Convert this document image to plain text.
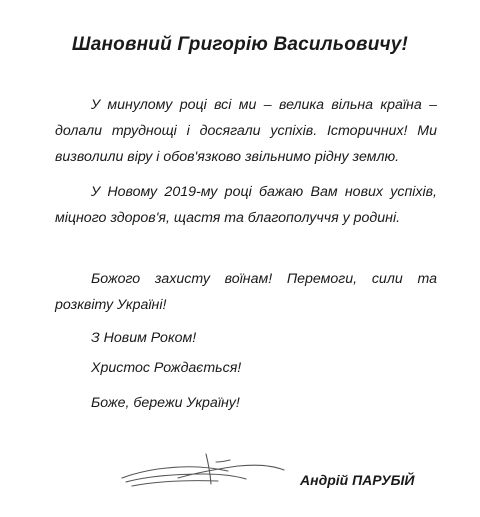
Шановний Григорію Васильовичу!
У минулому році всі ми – велика вільна країна – долали труднощі і досягали успіхів. Історичних! Ми визволили віру і обов'язково звільнимо рідну землю.
У Новому 2019-му році бажаю Вам нових успіхів, міцного здоров'я, щастя та благополуччя у родині.
Божого захисту воїнам! Перемоги, сили та розквіту Україні!
З Новим Роком!
Христос Рождається!
Боже, бережи Україну!
Андрій ПАРУБІЙ
